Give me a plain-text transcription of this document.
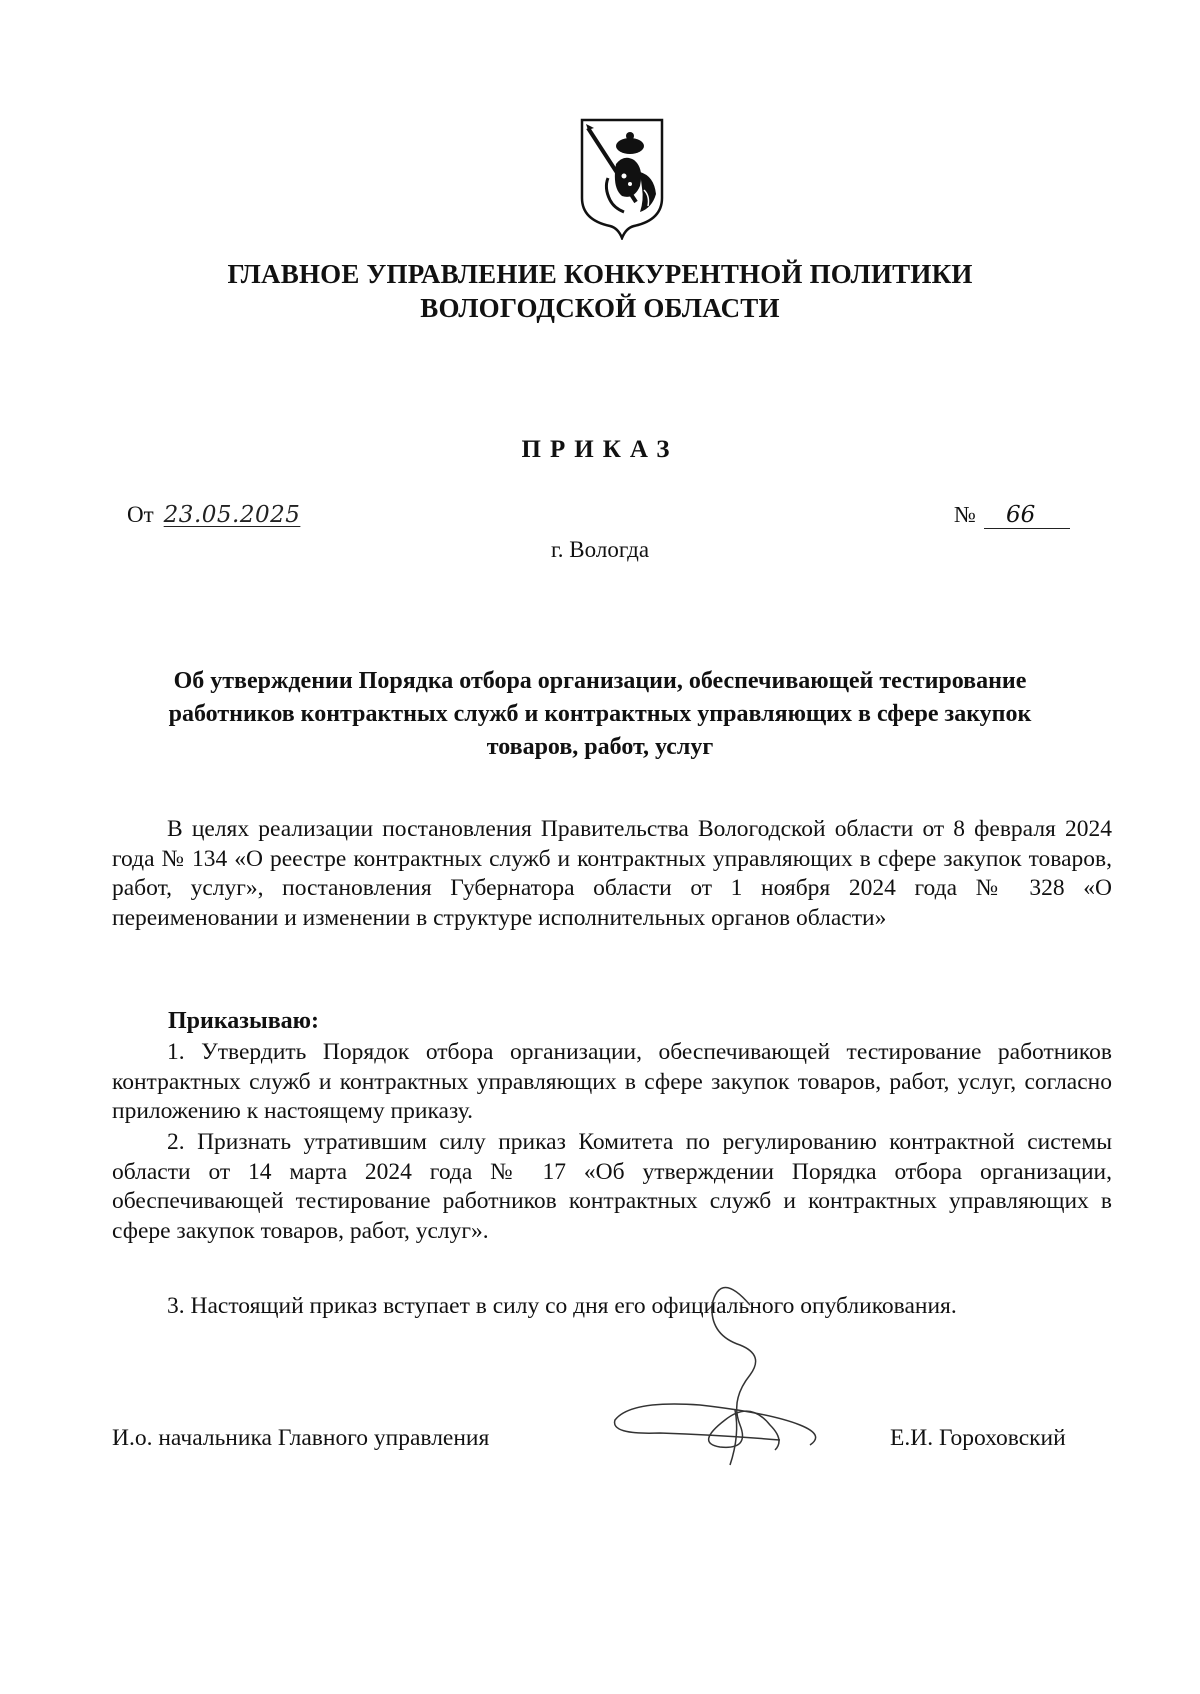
ГЛАВНОЕ УПРАВЛЕНИЕ КОНКУРЕНТНОЙ ПОЛИТИКИ
ВОЛОГОДСКОЙ ОБЛАСТИ
ПРИКАЗ
От 23.05.2025	№ 66
г. Вологда
Об утверждении Порядка отбора организации, обеспечивающей тестирование работников контрактных служб и контрактных управляющих в сфере закупок товаров, работ, услуг
В целях реализации постановления Правительства Вологодской области от 8 февраля 2024 года № 134 «О реестре контрактных служб и контрактных управляющих в сфере закупок товаров, работ, услуг», постановления Губернатора области от 1 ноября 2024 года № 328 «О переименовании и изменении в структуре исполнительных органов области»
Приказываю:
1. Утвердить Порядок отбора организации, обеспечивающей тестирование работников контрактных служб и контрактных управляющих в сфере закупок товаров, работ, услуг, согласно приложению к настоящему приказу.
2. Признать утратившим силу приказ Комитета по регулированию контрактной системы области от 14 марта 2024 года № 17 «Об утверждении Порядка отбора организации, обеспечивающей тестирование работников контрактных служб и контрактных управляющих в сфере закупок товаров, работ, услуг».
3. Настоящий приказ вступает в силу со дня его официального опубликования.
И.о. начальника Главного управления	Е.И. Гороховский
